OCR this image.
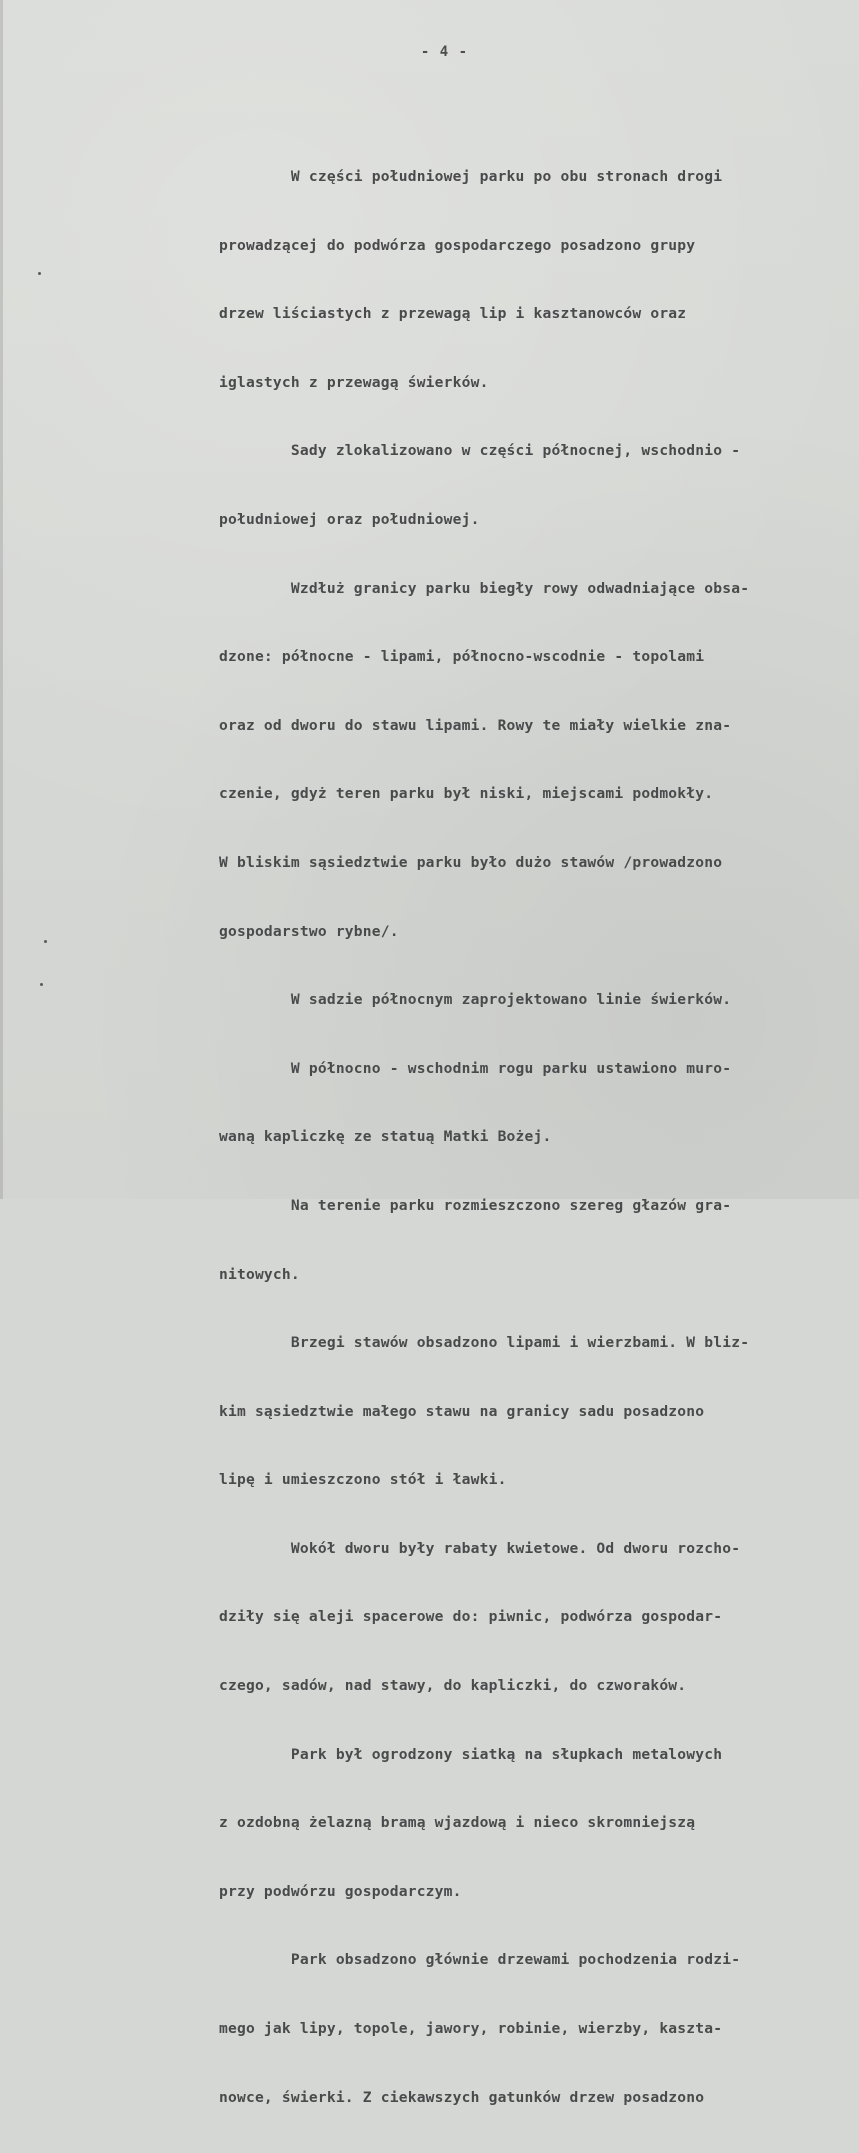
- 4 -

W części południowej parku po obu stronach drogi

prowadzącej do podwórza gospodarczego posadzono grupy

drzew liściastych z przewagą lip i kasztanowców oraz

iglastych z przewagą świerków.

Sady zlokalizowano w części północnej, wschodnio -

południowej oraz południowej.

Wzdłuż granicy parku biegły rowy odwadniające obsa-

dzone: północne - lipami, północno-wscodnie - topolami

oraz od dworu do stawu lipami. Rowy te miały wielkie zna-

czenie, gdyż teren parku był niski, miejscami podmokły.

W bliskim sąsiedztwie parku było dużo stawów /prowadzono

gospodarstwo rybne/.

W sadzie północnym zaprojektowano linie świerków.

W północno - wschodnim rogu parku ustawiono muro-

waną kapliczkę ze statuą Matki Bożej.

Na terenie parku rozmieszczono szereg głazów gra-

nitowych.

Brzegi stawów obsadzono lipami i wierzbami. W bliz-

kim sąsiedztwie małego stawu na granicy sadu posadzono

lipę i umieszczono stół i ławki.

Wokół dworu były rabaty kwietowe. Od dworu rozcho-

dziły się aleji spacerowe do: piwnic, podwórza gospodar-

czego, sadów, nad stawy, do kapliczki, do czworaków.

Park był ogrodzony siatką na słupkach metalowych

z ozdobną żelazną bramą wjazdową i nieco skromniejszą

przy podwórzu gospodarczym.

Park obsadzono głównie drzewami pochodzenia rodzi-

mego jak lipy, topole, jawory, robinie, wierzby, kaszta-

nowce, świerki. Z ciekawszych gatunków drzew posadzono
